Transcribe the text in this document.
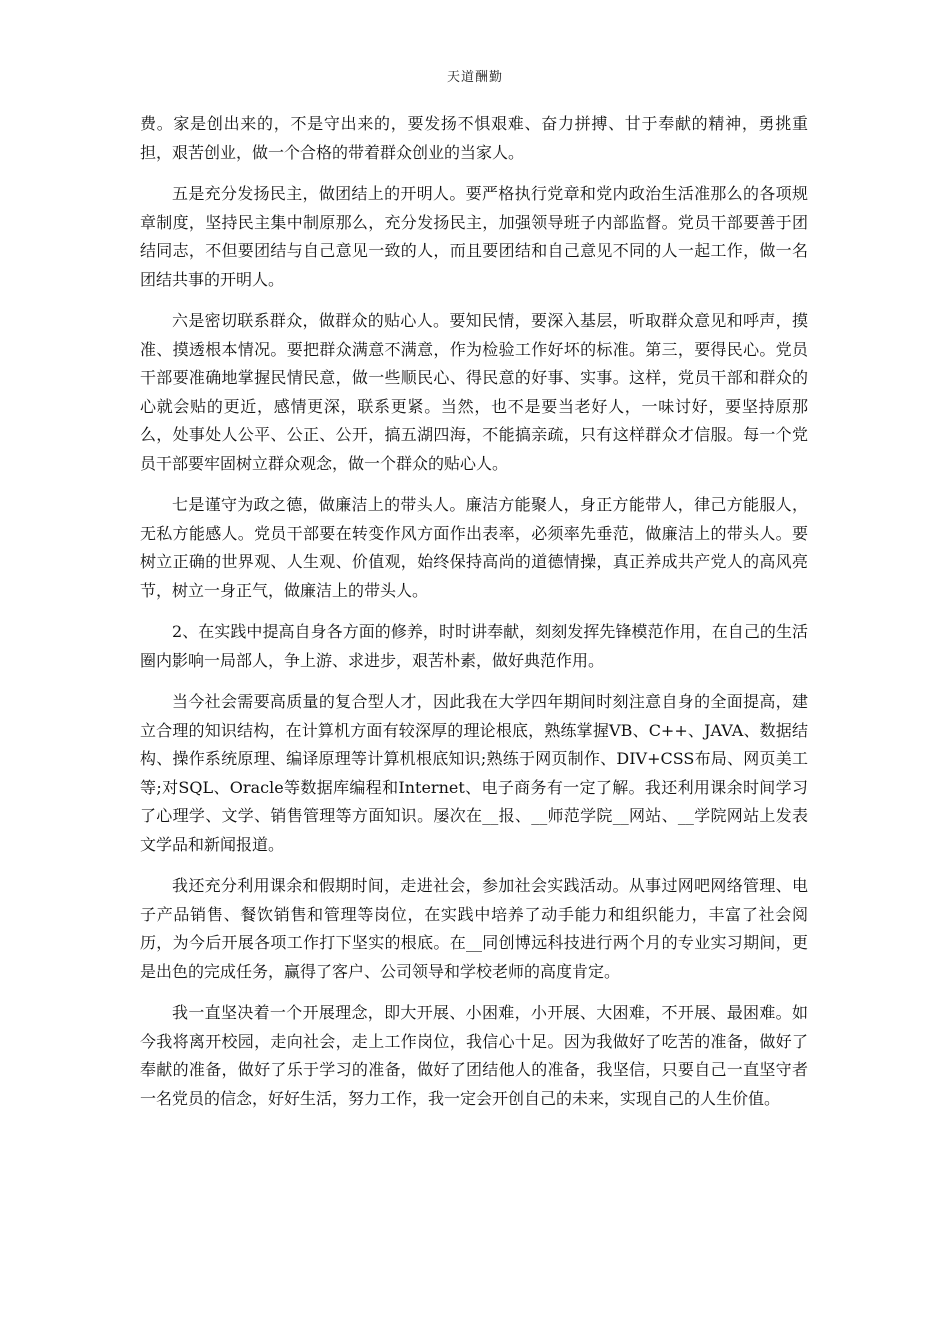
天道酬勤

费。家是创出来的，不是守出来的，要发扬不惧艰难、奋力拼搏、甘于奉献的精神，勇挑重担，艰苦创业，做一个合格的带着群众创业的当家人。

五是充分发扬民主，做团结上的开明人。要严格执行党章和党内政治生活准那么的各项规章制度，坚持民主集中制原那么，充分发扬民主，加强领导班子内部监督。党员干部要善于团结同志，不但要团结与自己意见一致的人，而且要团结和自己意见不同的人一起工作，做一名团结共事的开明人。

六是密切联系群众，做群众的贴心人。要知民情，要深入基层，听取群众意见和呼声，摸准、摸透根本情况。要把群众满意不满意，作为检验工作好坏的标准。第三，要得民心。党员干部要准确地掌握民情民意，做一些顺民心、得民意的好事、实事。这样，党员干部和群众的心就会贴的更近，感情更深，联系更紧。当然，也不是要当老好人，一味讨好，要坚持原那么，处事处人公平、公正、公开，搞五湖四海，不能搞亲疏，只有这样群众才信服。每一个党员干部要牢固树立群众观念，做一个群众的贴心人。

七是谨守为政之德，做廉洁上的带头人。廉洁方能聚人，身正方能带人，律己方能服人，无私方能感人。党员干部要在转变作风方面作出表率，必须率先垂范，做廉洁上的带头人。要树立正确的世界观、人生观、价值观，始终保持高尚的道德情操，真正养成共产党人的高风亮节，树立一身正气，做廉洁上的带头人。

2、在实践中提高自身各方面的修养，时时讲奉献，刻刻发挥先锋模范作用，在自己的生活圈内影响一局部人，争上游、求进步，艰苦朴素，做好典范作用。

当今社会需要高质量的复合型人才，因此我在大学四年期间时刻注意自身的全面提高，建立合理的知识结构，在计算机方面有较深厚的理论根底，熟练掌握VB、C++、JAVA、数据结构、操作系统原理、编译原理等计算机根底知识;熟练于网页制作、DIV+CSS布局、网页美工等;对SQL、Oracle等数据库编程和Internet、电子商务有一定了解。我还利用课余时间学习了心理学、文学、销售管理等方面知识。屡次在__报、__师范学院__网站、__学院网站上发表文学品和新闻报道。

我还充分利用课余和假期时间，走进社会，参加社会实践活动。从事过网吧网络管理、电子产品销售、餐饮销售和管理等岗位，在实践中培养了动手能力和组织能力，丰富了社会阅历，为今后开展各项工作打下坚实的根底。在__同创博远科技进行两个月的专业实习期间，更是出色的完成任务，赢得了客户、公司领导和学校老师的高度肯定。

我一直坚决着一个开展理念，即大开展、小困难，小开展、大困难，不开展、最困难。如今我将离开校园，走向社会，走上工作岗位，我信心十足。因为我做好了吃苦的准备，做好了奉献的准备，做好了乐于学习的准备，做好了团结他人的准备，我坚信，只要自己一直坚守者一名党员的信念，好好生活，努力工作，我一定会开创自己的未来，实现自己的人生价值。
